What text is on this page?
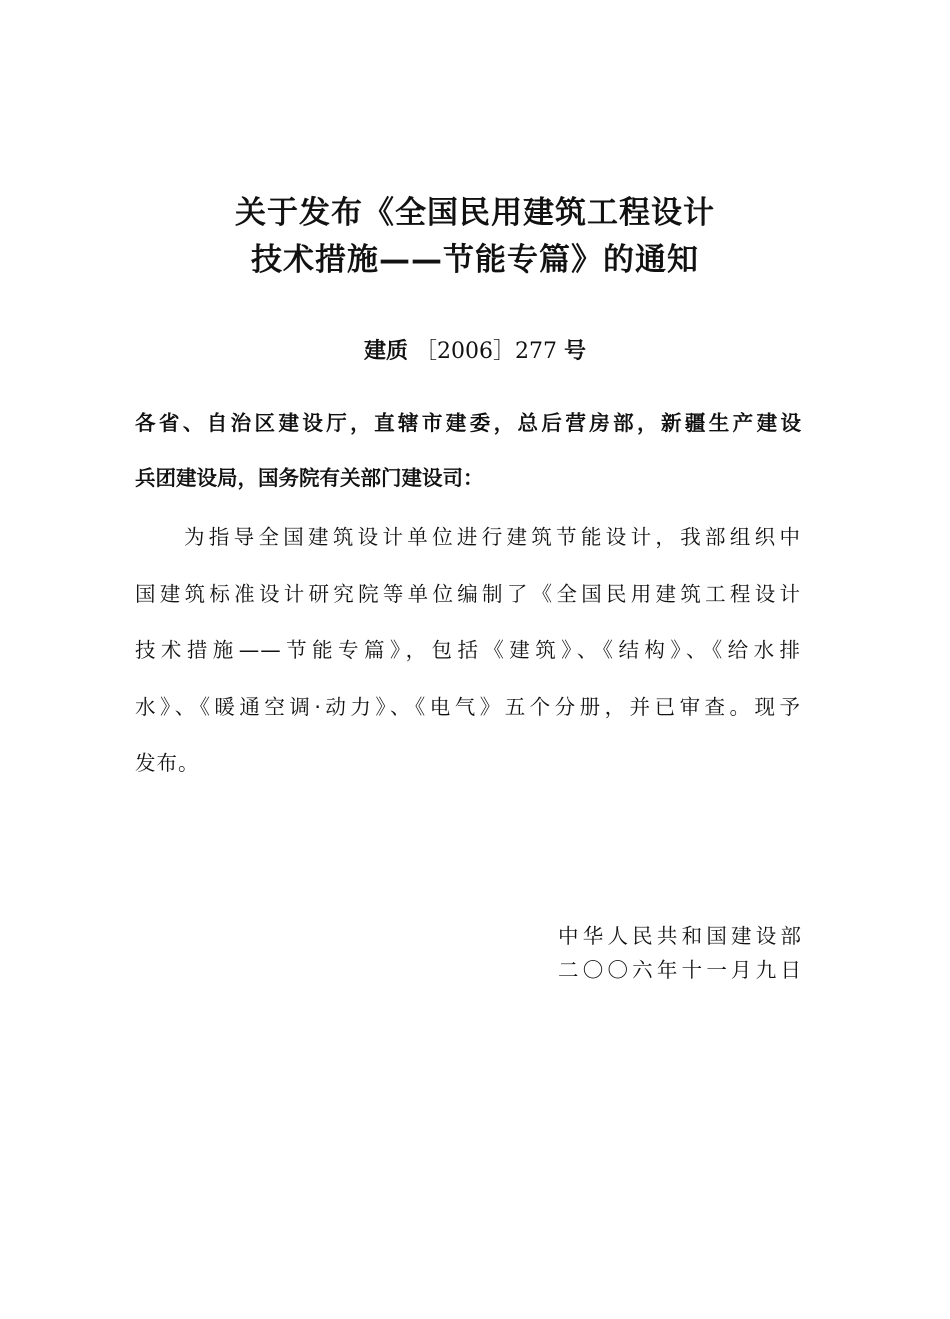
关于发布《全国民用建筑工程设计
技术措施——节能专篇》的通知
建质 ［2006］277 号
各省、自治区建设厅，直辖市建委，总后营房部，新疆生产建设
兵团建设局，国务院有关部门建设司：
为指导全国建筑设计单位进行建筑节能设计，我部组织中
国建筑标准设计研究院等单位编制了《全国民用建筑工程设计
技术措施——节能专篇》，包括《建筑》、《结构》、《给水排
水》、《暖通空调·动力》、《电气》五个分册，并已审查。现予
发布。
中华人民共和国建设部
二〇〇六年十一月九日
